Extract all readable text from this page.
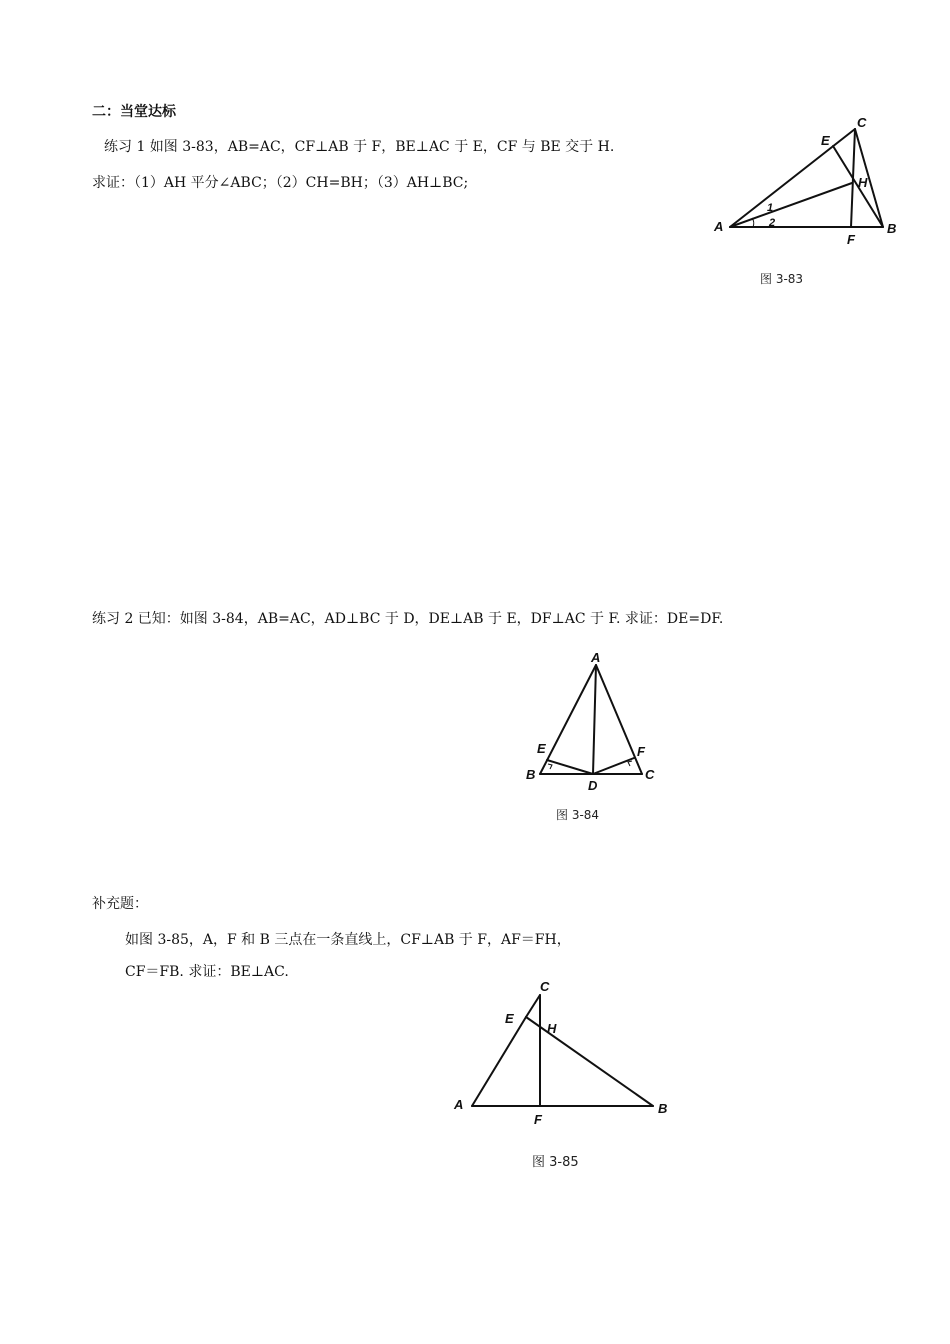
二：当堂达标
练习 1 如图 3-83，AB=AC，CF⊥AB 于 F，BE⊥AC 于 E，CF 与 BE 交于 H.
求证：（1）AH 平分∠ABC；（2）CH=BH；（3）AH⊥BC;
A	B
C
E
F
H
1
2
图 3-83
练习 2 已知：如图 3-84，AB=AC，AD⊥BC 于 D，DE⊥AB 于 E，DF⊥AC 于 F. 求证：DE=DF.
A
B	C
D
E	F
图 3-84
补充题：
如图 3-85，A，F 和 B 三点在一条直线上，CF⊥AB 于 F，AF＝FH，
CF＝FB. 求证：BE⊥AC.
A	B
C
E
F
H
图 3-85
